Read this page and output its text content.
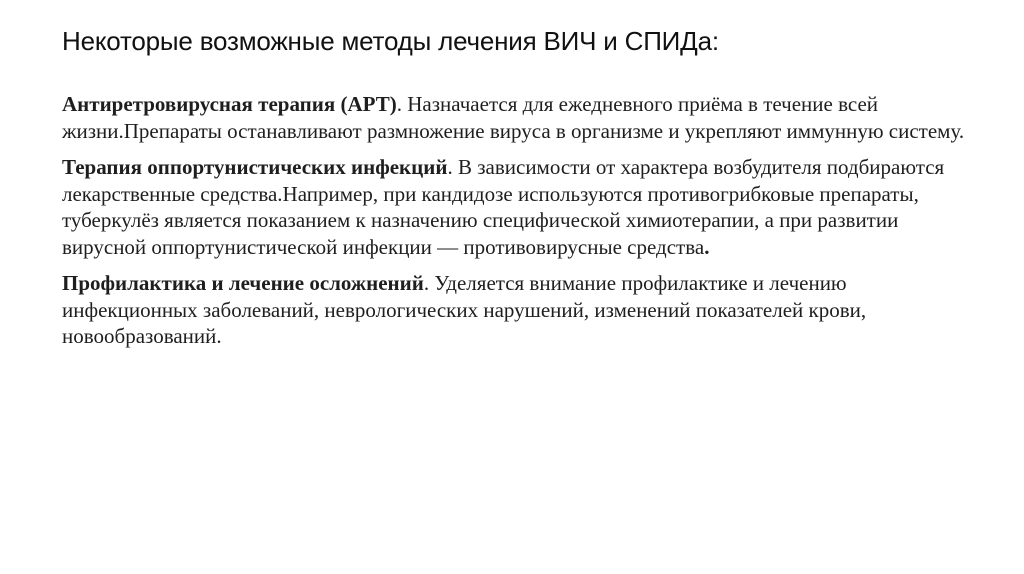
Некоторые возможные методы лечения ВИЧ и СПИДа:

Антиретровирусная терапия (АРТ). Назначается для ежедневного приёма в течение всей жизни.Препараты останавливают размножение вируса в организме и укрепляют иммунную систему.

Терапия оппортунистических инфекций. В зависимости от характера возбудителя подбираются лекарственные средства.Например, при кандидозе используются противогрибковые препараты, туберкулёз является показанием к назначению специфической химиотерапии, а при развитии вирусной оппортунистической инфекции — противовирусные средства.

Профилактика и лечение осложнений. Уделяется внимание профилактике и лечению инфекционных заболеваний, неврологических нарушений, изменений показателей крови, новообразований.
